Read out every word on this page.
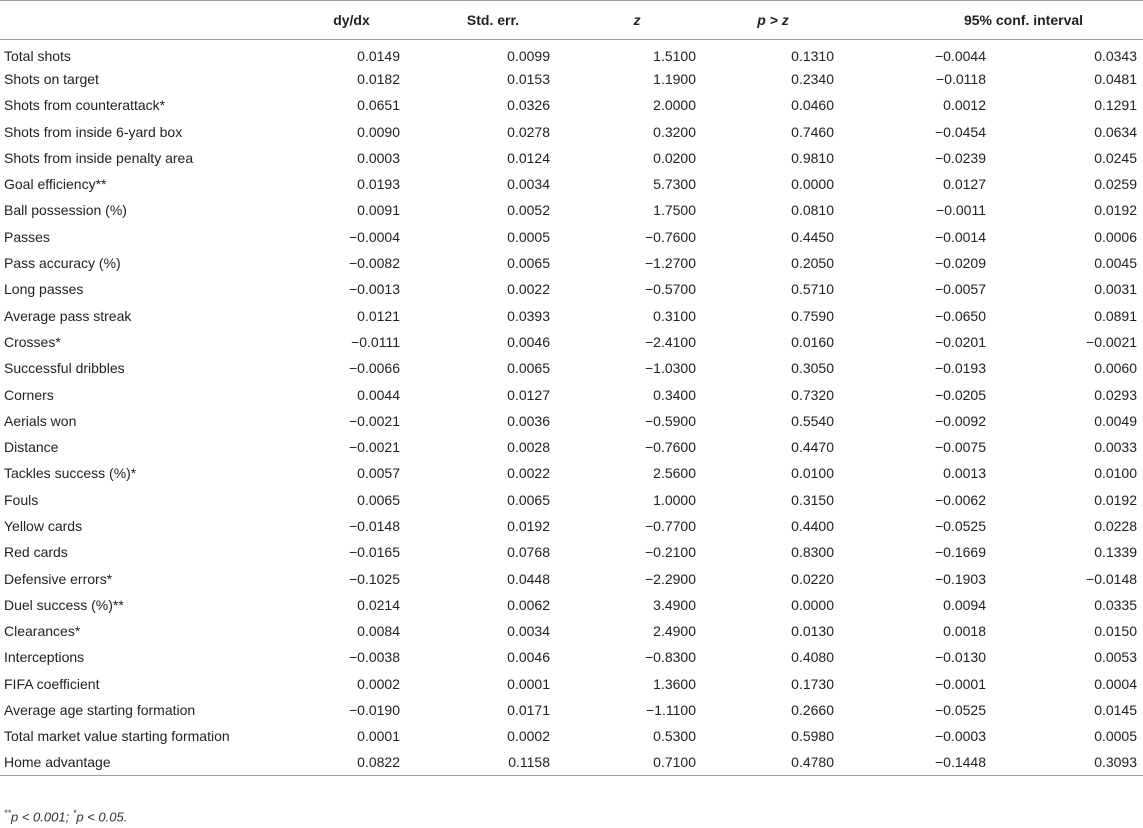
	dy/dx	Std. err.	z	p > z	95% conf. interval	
Total shots	0.0149	0.0099	1.5100	0.1310	−0.0044	0.0343
Shots on target	0.0182	0.0153	1.1900	0.2340	−0.0118	0.0481
Shots from counterattack*	0.0651	0.0326	2.0000	0.0460	0.0012	0.1291
Shots from inside 6-yard box	0.0090	0.0278	0.3200	0.7460	−0.0454	0.0634
Shots from inside penalty area	0.0003	0.0124	0.0200	0.9810	−0.0239	0.0245
Goal efficiency**	0.0193	0.0034	5.7300	0.0000	0.0127	0.0259
Ball possession (%)	0.0091	0.0052	1.7500	0.0810	−0.0011	0.0192
Passes	−0.0004	0.0005	−0.7600	0.4450	−0.0014	0.0006
Pass accuracy (%)	−0.0082	0.0065	−1.2700	0.2050	−0.0209	0.0045
Long passes	−0.0013	0.0022	−0.5700	0.5710	−0.0057	0.0031
Average pass streak	0.0121	0.0393	0.3100	0.7590	−0.0650	0.0891
Crosses*	−0.0111	0.0046	−2.4100	0.0160	−0.0201	−0.0021
Successful dribbles	−0.0066	0.0065	−1.0300	0.3050	−0.0193	0.0060
Corners	0.0044	0.0127	0.3400	0.7320	−0.0205	0.0293
Aerials won	−0.0021	0.0036	−0.5900	0.5540	−0.0092	0.0049
Distance	−0.0021	0.0028	−0.7600	0.4470	−0.0075	0.0033
Tackles success (%)*	0.0057	0.0022	2.5600	0.0100	0.0013	0.0100
Fouls	0.0065	0.0065	1.0000	0.3150	−0.0062	0.0192
Yellow cards	−0.0148	0.0192	−0.7700	0.4400	−0.0525	0.0228
Red cards	−0.0165	0.0768	−0.2100	0.8300	−0.1669	0.1339
Defensive errors*	−0.1025	0.0448	−2.2900	0.0220	−0.1903	−0.0148
Duel success (%)**	0.0214	0.0062	3.4900	0.0000	0.0094	0.0335
Clearances*	0.0084	0.0034	2.4900	0.0130	0.0018	0.0150
Interceptions	−0.0038	0.0046	−0.8300	0.4080	−0.0130	0.0053
FIFA coefficient	0.0002	0.0001	1.3600	0.1730	−0.0001	0.0004
Average age starting formation	−0.0190	0.0171	−1.1100	0.2660	−0.0525	0.0145
Total market value starting formation	0.0001	0.0002	0.5300	0.5980	−0.0003	0.0005
Home advantage	0.0822	0.1158	0.7100	0.4780	−0.1448	0.3093
**p < 0.001; *p < 0.05.
